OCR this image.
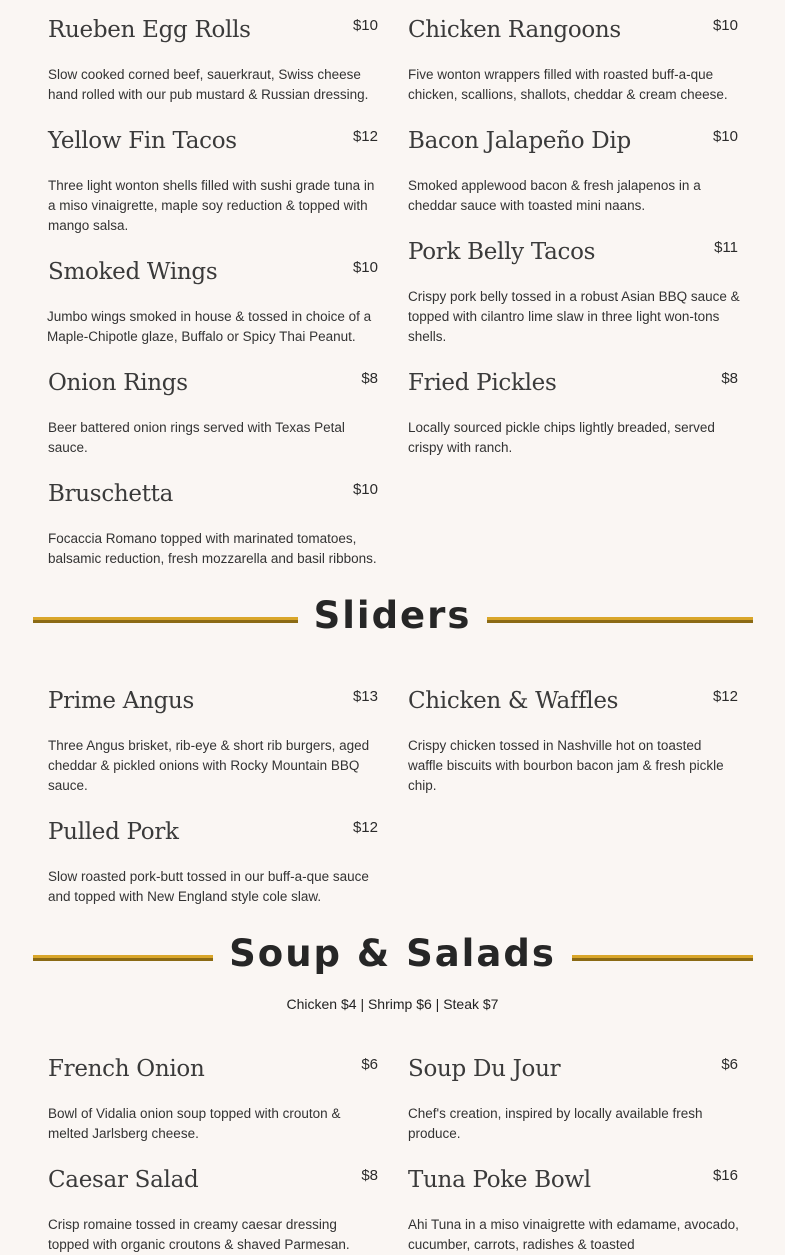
Rueben Egg Rolls	$10
Slow cooked corned beef, sauerkraut, Swiss cheese hand rolled with our pub mustard & Russian dressing.
Chicken Rangoons	$10
Five wonton wrappers filled with roasted buff-a-que chicken, scallions, shallots, cheddar & cream cheese.
Yellow Fin Tacos	$12
Three light wonton shells filled with sushi grade tuna in a miso vinaigrette, maple soy reduction & topped with mango salsa.
Bacon Jalapeño Dip	$10
Smoked applewood bacon & fresh jalapenos in a cheddar sauce with toasted mini naans.
Smoked Wings	$10
Jumbo wings smoked in house & tossed in choice of a Maple-Chipotle glaze, Buffalo or Spicy Thai Peanut.
Pork Belly Tacos	$11
Crispy pork belly tossed in a robust Asian BBQ sauce & topped with cilantro lime slaw in three light won-tons shells.
Onion Rings	$8
Beer battered onion rings served with Texas Petal sauce.
Fried Pickles	$8
Locally sourced pickle chips lightly breaded, served crispy with ranch.
Bruschetta	$10
Focaccia Romano topped with marinated tomatoes, balsamic reduction, fresh mozzarella and basil ribbons.
Sliders
Prime Angus	$13
Three Angus brisket, rib-eye & short rib burgers, aged cheddar & pickled onions with Rocky Mountain BBQ sauce.
Chicken & Waffles	$12
Crispy chicken tossed in Nashville hot on toasted waffle biscuits with bourbon bacon jam & fresh pickle chip.
Pulled Pork	$12
Slow roasted pork-butt tossed in our buff-a-que sauce and topped with New England style cole slaw.
Soup & Salads
Chicken $4 | Shrimp $6 | Steak $7
French Onion	$6
Bowl of Vidalia onion soup topped with crouton & melted Jarlsberg cheese.
Soup Du Jour	$6
Chef's creation, inspired by locally available fresh produce.
Caesar Salad	$8
Crisp romaine tossed in creamy caesar dressing topped with organic croutons & shaved Parmesan.
Tuna Poke Bowl	$16
Ahi Tuna in a miso vinaigrette with edamame, avocado, cucumber, carrots, radishes & toasted
